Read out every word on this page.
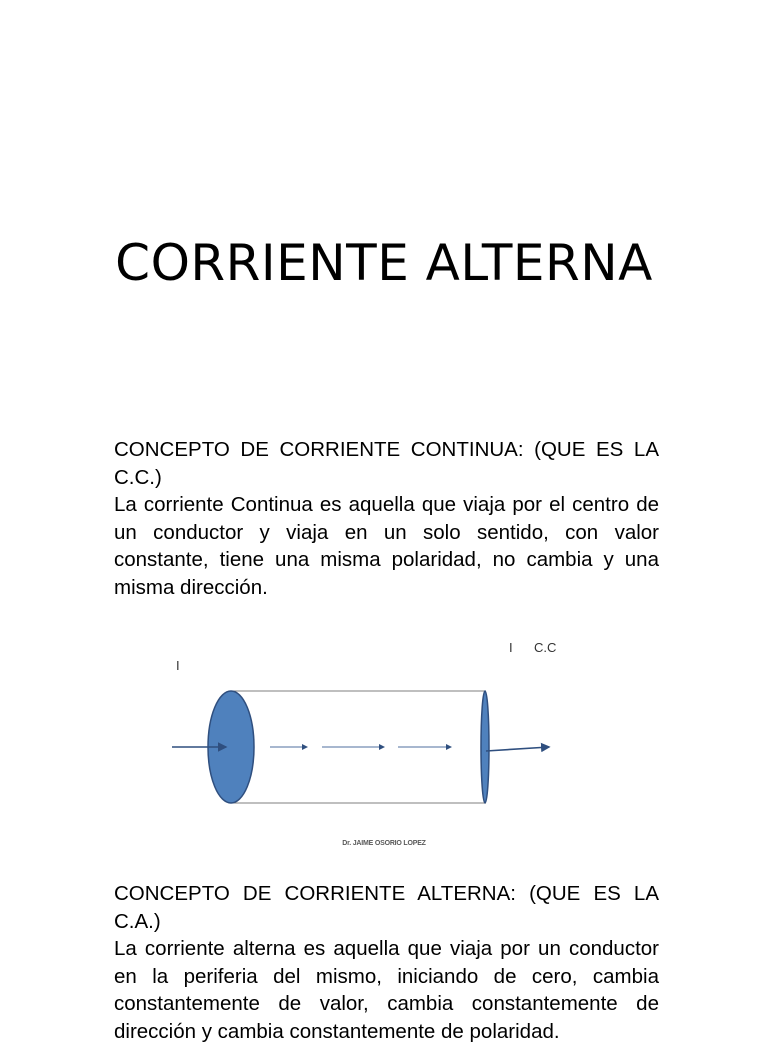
CORRIENTE ALTERNA

CONCEPTO DE CORRIENTE CONTINUA: (QUE ES LA C.C.)

La corriente Continua es aquella que viaja por el centro de un conductor y viaja en un solo sentido, con valor constante, tiene una misma polaridad, no cambia y una misma dirección.

I
I C.C
Dr. JAIME OSORIO LOPEZ

CONCEPTO DE CORRIENTE ALTERNA: (QUE ES LA C.A.)

La corriente alterna es aquella que viaja por un conductor en la periferia del mismo, iniciando de cero, cambia constantemente de valor, cambia constantemente de dirección y cambia constantemente de polaridad.
